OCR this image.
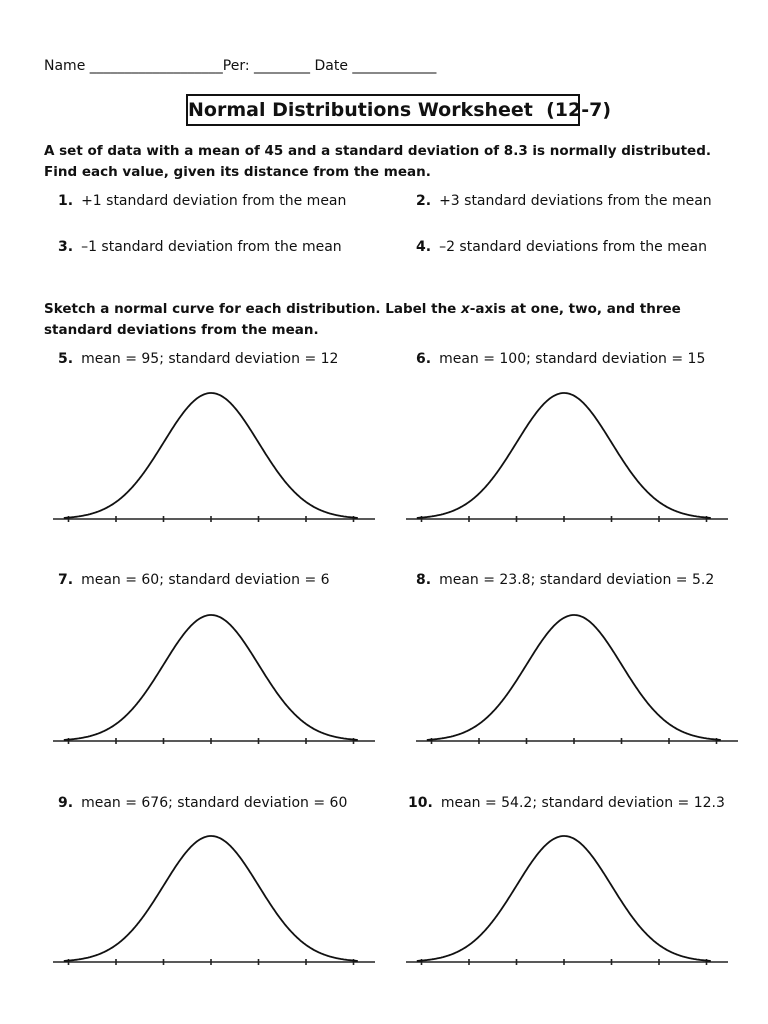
Name ___________________Per: ________ Date ____________
Normal Distributions Worksheet  (12-7)
A set of data with a mean of 45 and a standard deviation of 8.3 is normally distributed.
Find each value, given its distance from the mean.
1. +1 standard deviation from the mean	2. +3 standard deviations from the mean
3. –1 standard deviation from the mean	4. –2 standard deviations from the mean
Sketch a normal curve for each distribution. Label the x-axis at one, two, and three
standard deviations from the mean.
5. mean = 95; standard deviation = 12	6. mean = 100; standard deviation = 15
7. mean = 60; standard deviation = 6	8. mean = 23.8; standard deviation = 5.2
9. mean = 676; standard deviation = 60	10. mean = 54.2; standard deviation = 12.3
